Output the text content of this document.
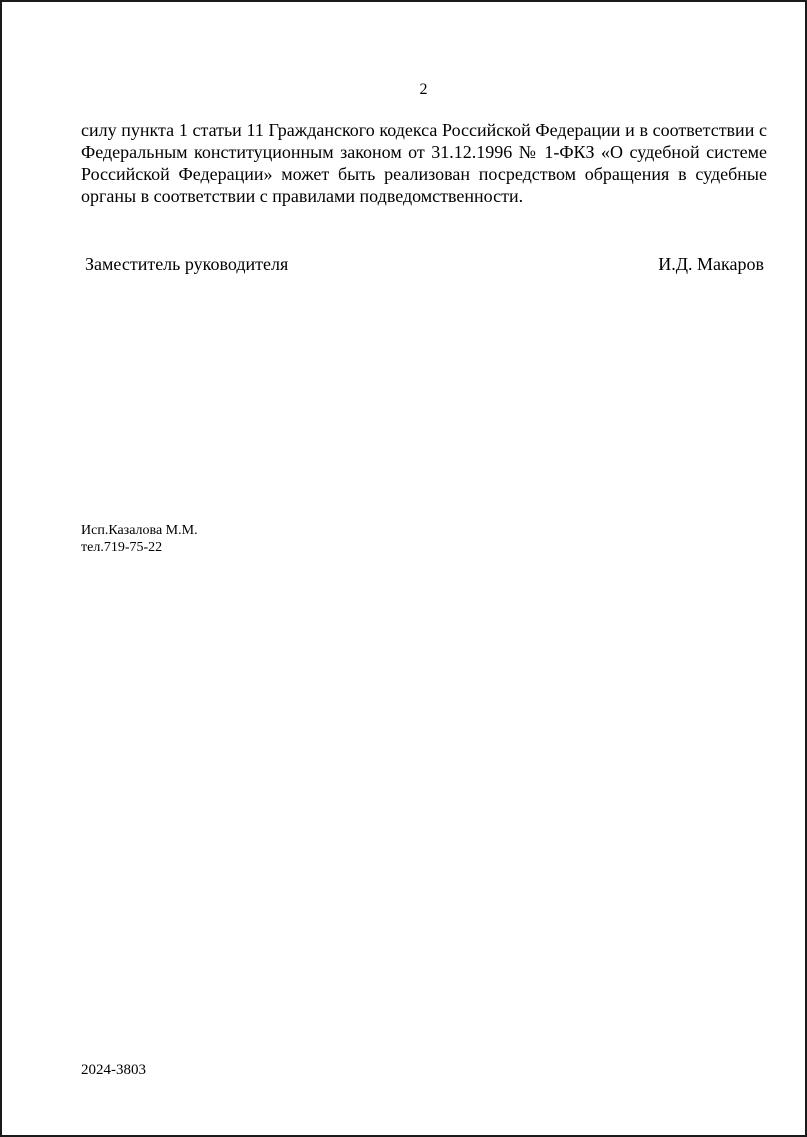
2

силу пункта 1 статьи 11 Гражданского кодекса Российской Федерации и в соответствии с Федеральным конституционным законом от 31.12.1996 № 1-ФКЗ «О судебной системе Российской Федерации» может быть реализован посредством обращения в судебные органы в соответствии с правилами подведомственности.

Заместитель руководителя	И.Д. Макаров
Исп.Казалова М.М.
тел.719-75-22
2024-3803
